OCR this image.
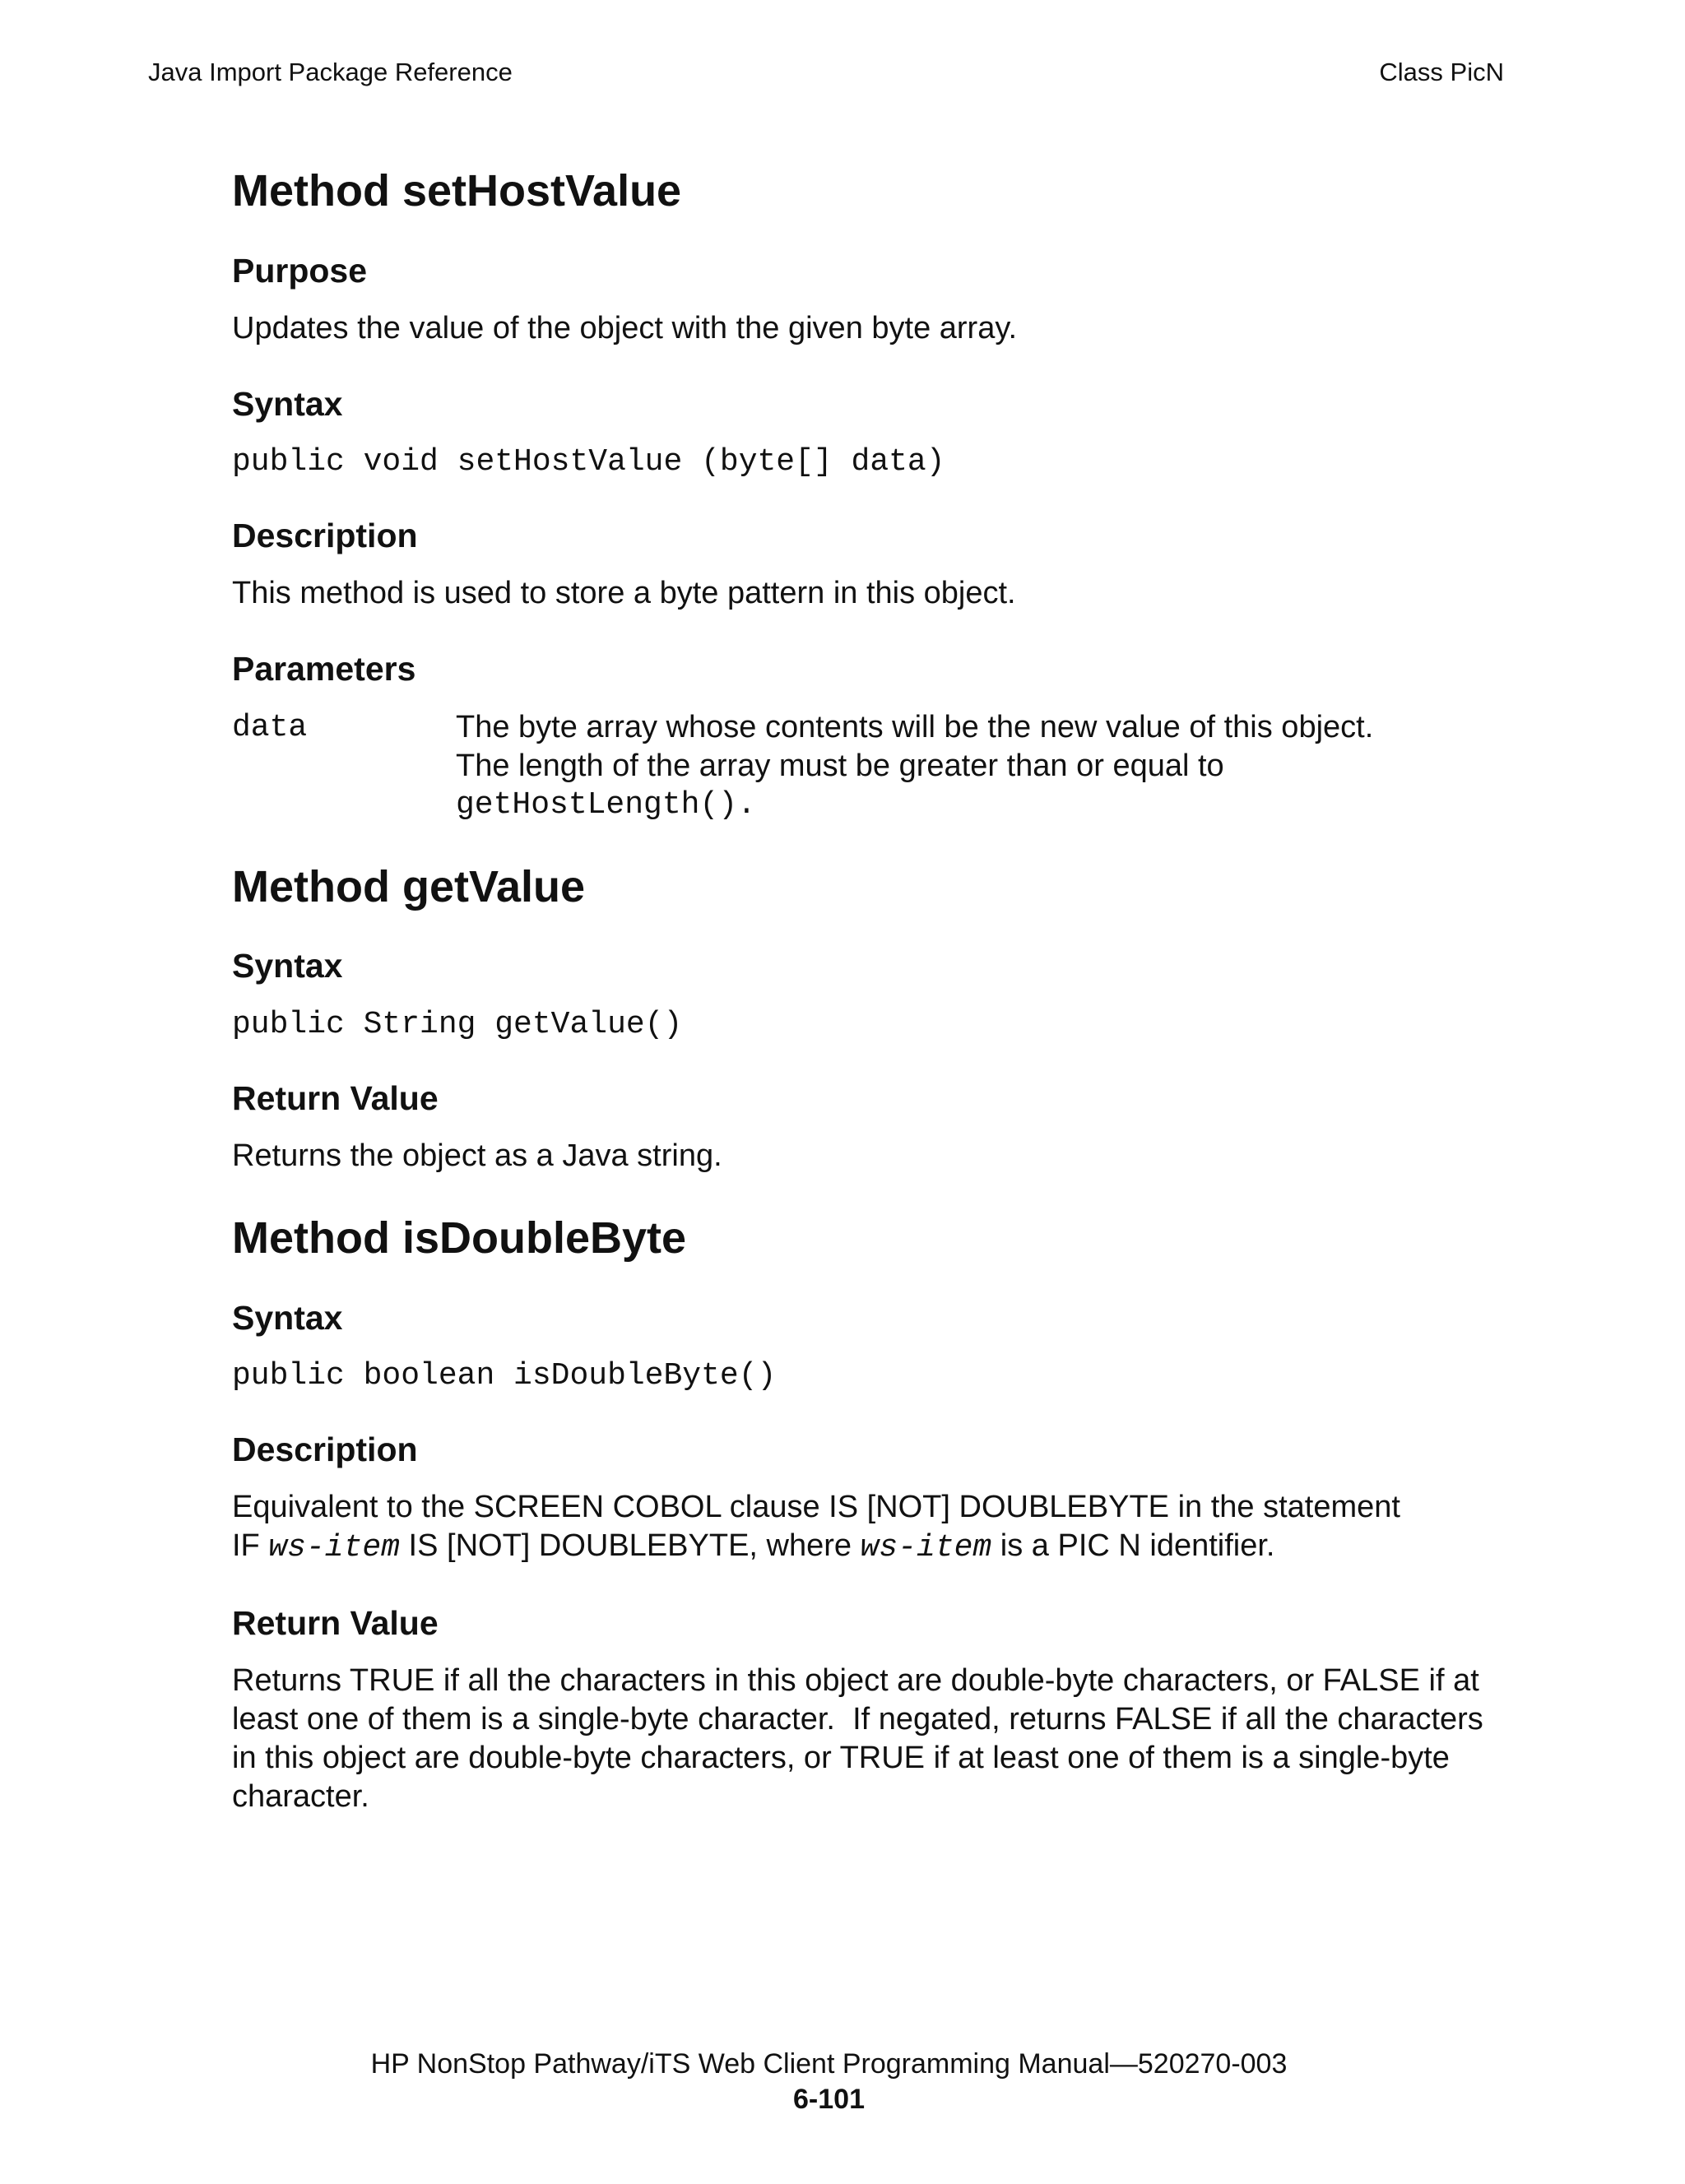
Java Import Package Reference	Class PicN
Method setHostValue
Purpose

Updates the value of the object with the given byte array.

Syntax
public void setHostValue (byte[] data)
Description

This method is used to store a byte pattern in this object.

Parameters
data	The byte array whose contents will be the new value of this object.
The length of the array must be greater than or equal to
getHostLength().
Method getValue
Syntax
public String getValue()
Return Value

Returns the object as a Java string.

Method isDoubleByte
Syntax
public boolean isDoubleByte()
Description

Equivalent to the SCREEN COBOL clause IS [NOT] DOUBLEBYTE in the statement
IF ws-item IS [NOT] DOUBLEBYTE, where ws-item is a PIC N identifier.

Return Value

Returns TRUE if all the characters in this object are double-byte characters, or FALSE if at least one of them is a single-byte character.  If negated, returns FALSE if all the characters in this object are double-byte characters, or TRUE if at least one of them is a single-byte character.

HP NonStop Pathway/iTS Web Client Programming Manual—520270-003
6-101
